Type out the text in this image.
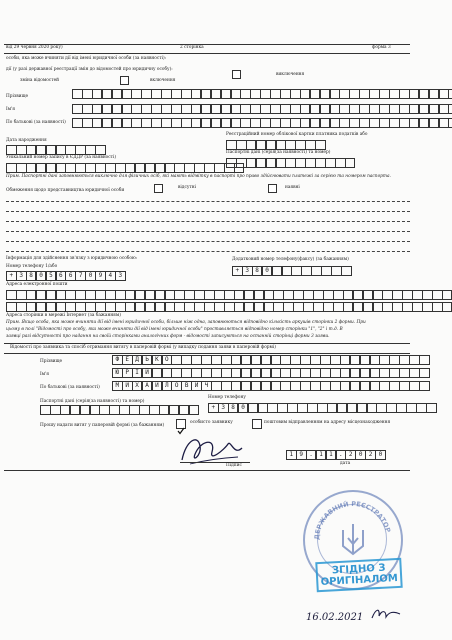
від 29 червня 2020 року)	2 сторінка	форма 3
особи, яка може вчиняти дії від імені юридичної особи (за наявності):
дії (у разі державної реєстрації змін до відомостей про юридичну особу):
зміна відомостей	включення
виключення
Прізвище
Ім'я
По батькові (за наявності)
Дата народження
Реєстраційний номер облікової картки платника податків або
Паспортні дані (серія(за наявності) та номер)
Унікальний номер запису в ЄДДР (за наявності)
Прим. Паспортні дані заповнюються виключно для фізичних осіб, які мають відмітку в паспорті про право здійснювати платежі за серією та номером паспорта.
Обмеження щодо представництва юридичної особи
відсутні	наявні
Інформація для здійснення зв'язку з юридичною особою:
Номер телефону 1/або
Додатковий номер телефону(факсу) (за бажанням)
+	3	8	0	5	6	6	7	0	9	4	3
+	3	8	0
Адреса електронної пошти
Адреса сторінки в мережі Інтернет (за бажанням)
Прим. Якщо особа, яка може вчиняти дії від імені юридичної особи, більше ніж одна, заповнюються відповідно кількість аркушів сторінки 2 форми. При
цьому в полі "Відомості про особу, яка може вчиняти дії від імені юридичної особи" проставляється відповідно номер сторінки "1", "2" і т.д. В
заявці разі відсутності про надання на своїй сторінками аналогічних форм - відомості записуються на останній сторінці форми 3 заяви.
Відомості про заявника та спосіб отримання витягу в паперовій формі (у випадку подання заяви в паперовій формі)
Прізвище	Ф	Е	Д	Ь	К	О
Ім'я	Ю	Р	І	Й
По батькові (за наявності)	М	И	Х	А	Й	Л	О	В	И	Ч
Паспортні дані (серія(за наявності) та номер)
Номер телефону
+	3	8	0
Прошу надати витяг у паперовій формі (за бажанням)
особисто заявнику	поштовим відправленням на адресу місцезнаходження
Підпис
1	9	.	1	1	.	2	0	2	0
дата
ДЕРЖАВНИЙ РЕЄСТРАТОР
ЗГІДНО З
ОРИГІНАЛОМ
16.02.2021
